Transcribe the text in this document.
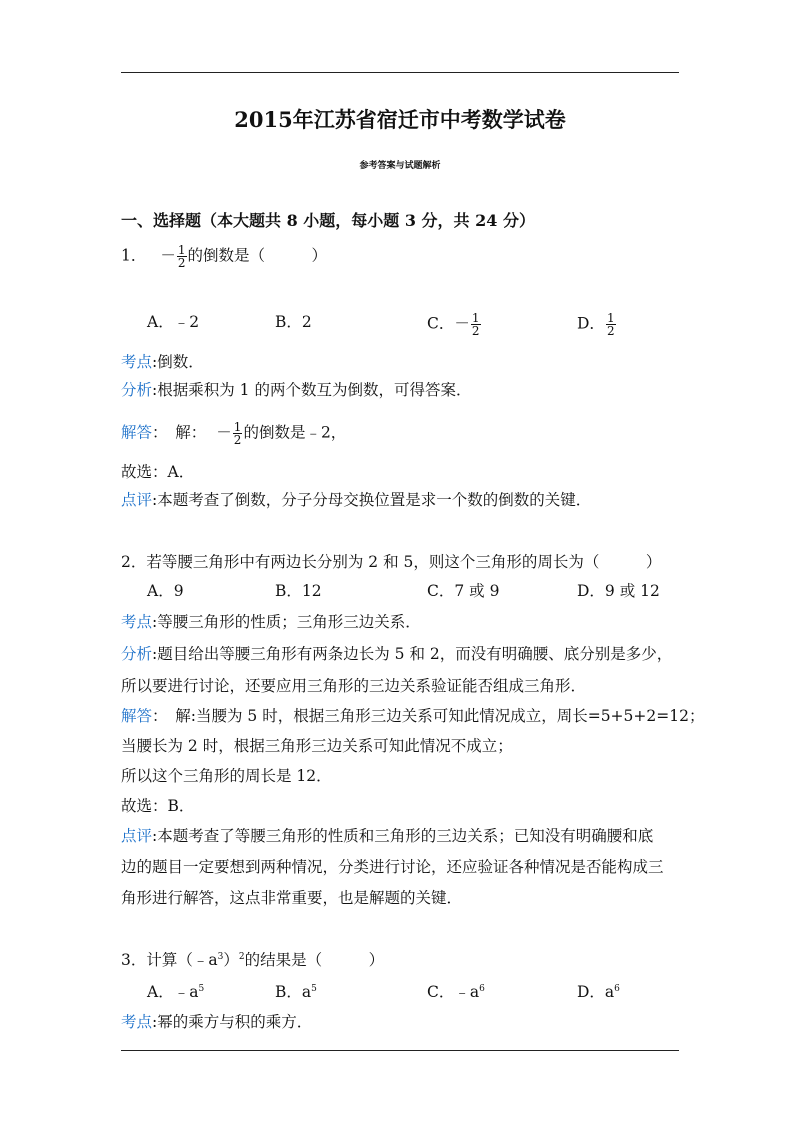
2015年江苏省宿迁市中考数学试卷
参考答案与试题解析
一、选择题（本大题共 8 小题，每小题 3 分，共 24 分）
1． － $\frac{1}{2}$ 的倒数是（　　　）
A．﹣2	B．2	C．－ $\frac{1}{2}$	D． $\frac{1}{2}$
考点:倒数．
分析:根据乘积为 1 的两个数互为倒数，可得答案．
解答：　解： － $\frac{1}{2}$ 的倒数是﹣2，
故选：A．
点评:本题考查了倒数，分子分母交换位置是求一个数的倒数的关键．
2．若等腰三角形中有两边长分别为 2 和 5，则这个三角形的周长为（　　　）
A．9	B．12	C．7 或 9	D．9 或 12
考点:等腰三角形的性质；三角形三边关系．
分析:题目给出等腰三角形有两条边长为 5 和 2，而没有明确腰、底分别是多少，
所以要进行讨论，还要应用三角形的三边关系验证能否组成三角形．
解答：　解:当腰为 5 时，根据三角形三边关系可知此情况成立，周长=5+5+2=12；
当腰长为 2 时，根据三角形三边关系可知此情况不成立；
所以这个三角形的周长是 12．
故选：B．
点评:本题考查了等腰三角形的性质和三角形的三边关系；已知没有明确腰和底
边的题目一定要想到两种情况，分类进行讨论，还应验证各种情况是否能构成三
角形进行解答，这点非常重要，也是解题的关键．
3．计算$(﹣a^3)^2$的结果是（　　　）
A．$﹣a^5$	B．$a^5$	C．$﹣a^6$	D．$a^6$
考点:幂的乘方与积的乘方．
